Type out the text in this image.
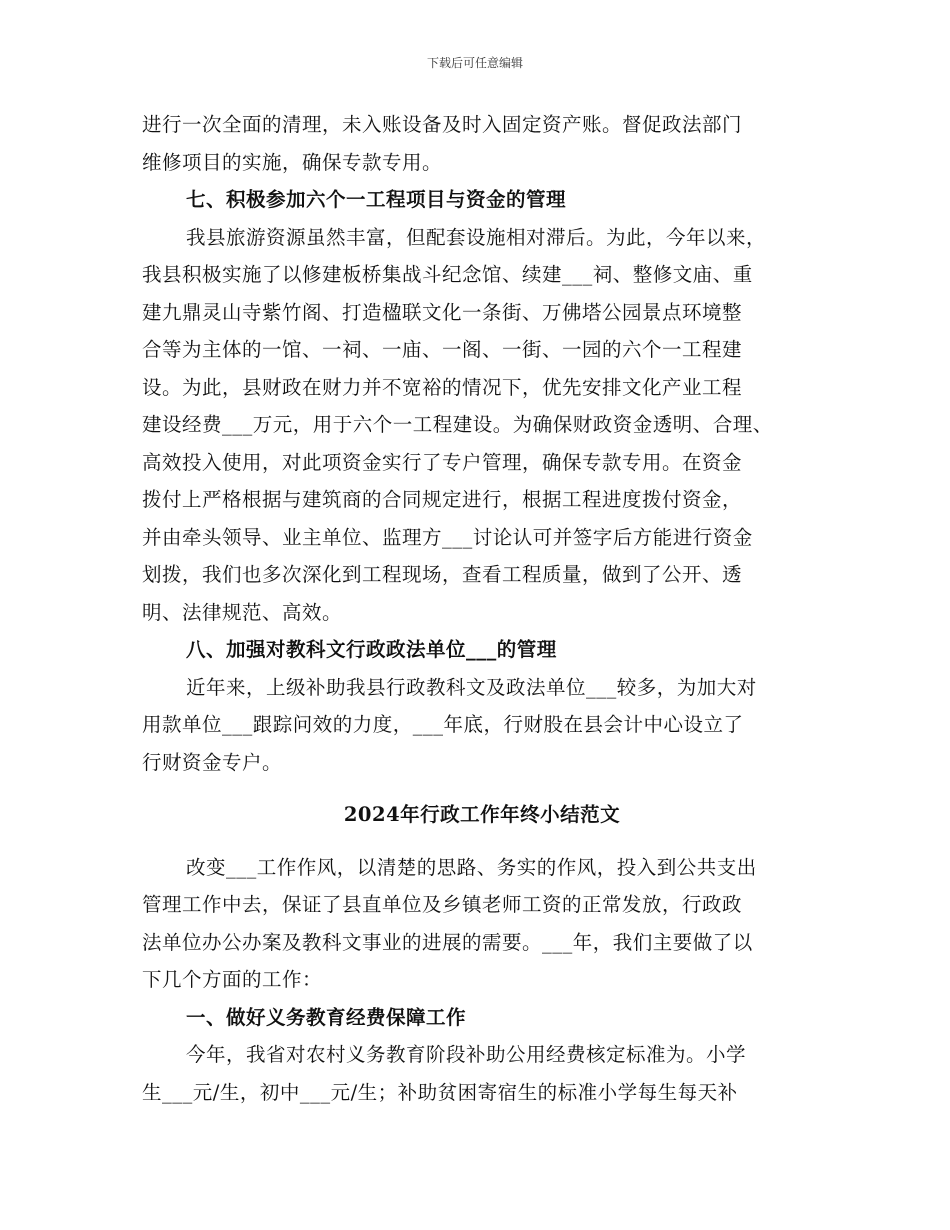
下载后可任意编辑
进行一次全面的清理，未入账设备及时入固定资产账。督促政法部门
维修项目的实施，确保专款专用。
七、积极参加六个一工程项目与资金的管理
我县旅游资源虽然丰富，但配套设施相对滞后。为此，今年以来，
我县积极实施了以修建板桥集战斗纪念馆、续建___祠、整修文庙、重
建九鼎灵山寺紫竹阁、打造楹联文化一条街、万佛塔公园景点环境整
合等为主体的一馆、一祠、一庙、一阁、一街、一园的六个一工程建
设。为此，县财政在财力并不宽裕的情况下，优先安排文化产业工程
建设经费___万元，用于六个一工程建设。为确保财政资金透明、合理、
高效投入使用，对此项资金实行了专户管理，确保专款专用。在资金
拨付上严格根据与建筑商的合同规定进行，根据工程进度拨付资金，
并由牵头领导、业主单位、监理方___讨论认可并签字后方能进行资金
划拨，我们也多次深化到工程现场，查看工程质量，做到了公开、透
明、法律规范、高效。
八、加强对教科文行政政法单位___的管理
近年来，上级补助我县行政教科文及政法单位___较多，为加大对
用款单位___跟踪问效的力度，___年底，行财股在县会计中心设立了
行财资金专户。
2024年行政工作年终小结范文
改变___工作作风，以清楚的思路、务实的作风，投入到公共支出
管理工作中去，保证了县直单位及乡镇老师工资的正常发放，行政政
法单位办公办案及教科文事业的进展的需要。___年，我们主要做了以
下几个方面的工作：
一、做好义务教育经费保障工作
今年，我省对农村义务教育阶段补助公用经费核定标准为。小学
生___元/生，初中___元/生；补助贫困寄宿生的标准小学每生每天补
